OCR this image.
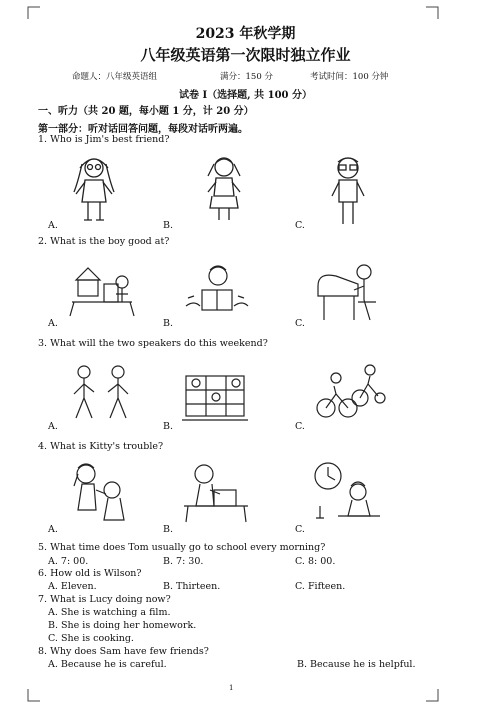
2023 年秋学期
八年级英语第一次限时独立作业
命题人：八年级英语组	满分：150 分	考试时间：100 分钟
试卷 I（选择题, 共 100 分）
一、听力（共 20 题，每小题 1 分，计 20 分）
第一部分：听对话回答问题，每段对话听两遍。
1. Who is Jim's best friend?
A.	B.	C.
2. What is the boy good at?
A.	B.	C.
3. What will the two speakers do this weekend?
A.	B.	C.
4. What is Kitty's trouble?
A.	B.	C.
5. What time does Tom usually go to school every morning?
A. 7: 00.	B. 7: 30.	C. 8: 00.
6. How old is Wilson?
A. Eleven.	B. Thirteen.	C. Fifteen.
7. What is Lucy doing now?
A. She is watching a film.
B. She is doing her homework.
C. She is cooking.
8. Why does Sam have few friends?
A. Because he is careful.	B. Because he is helpful.
1
